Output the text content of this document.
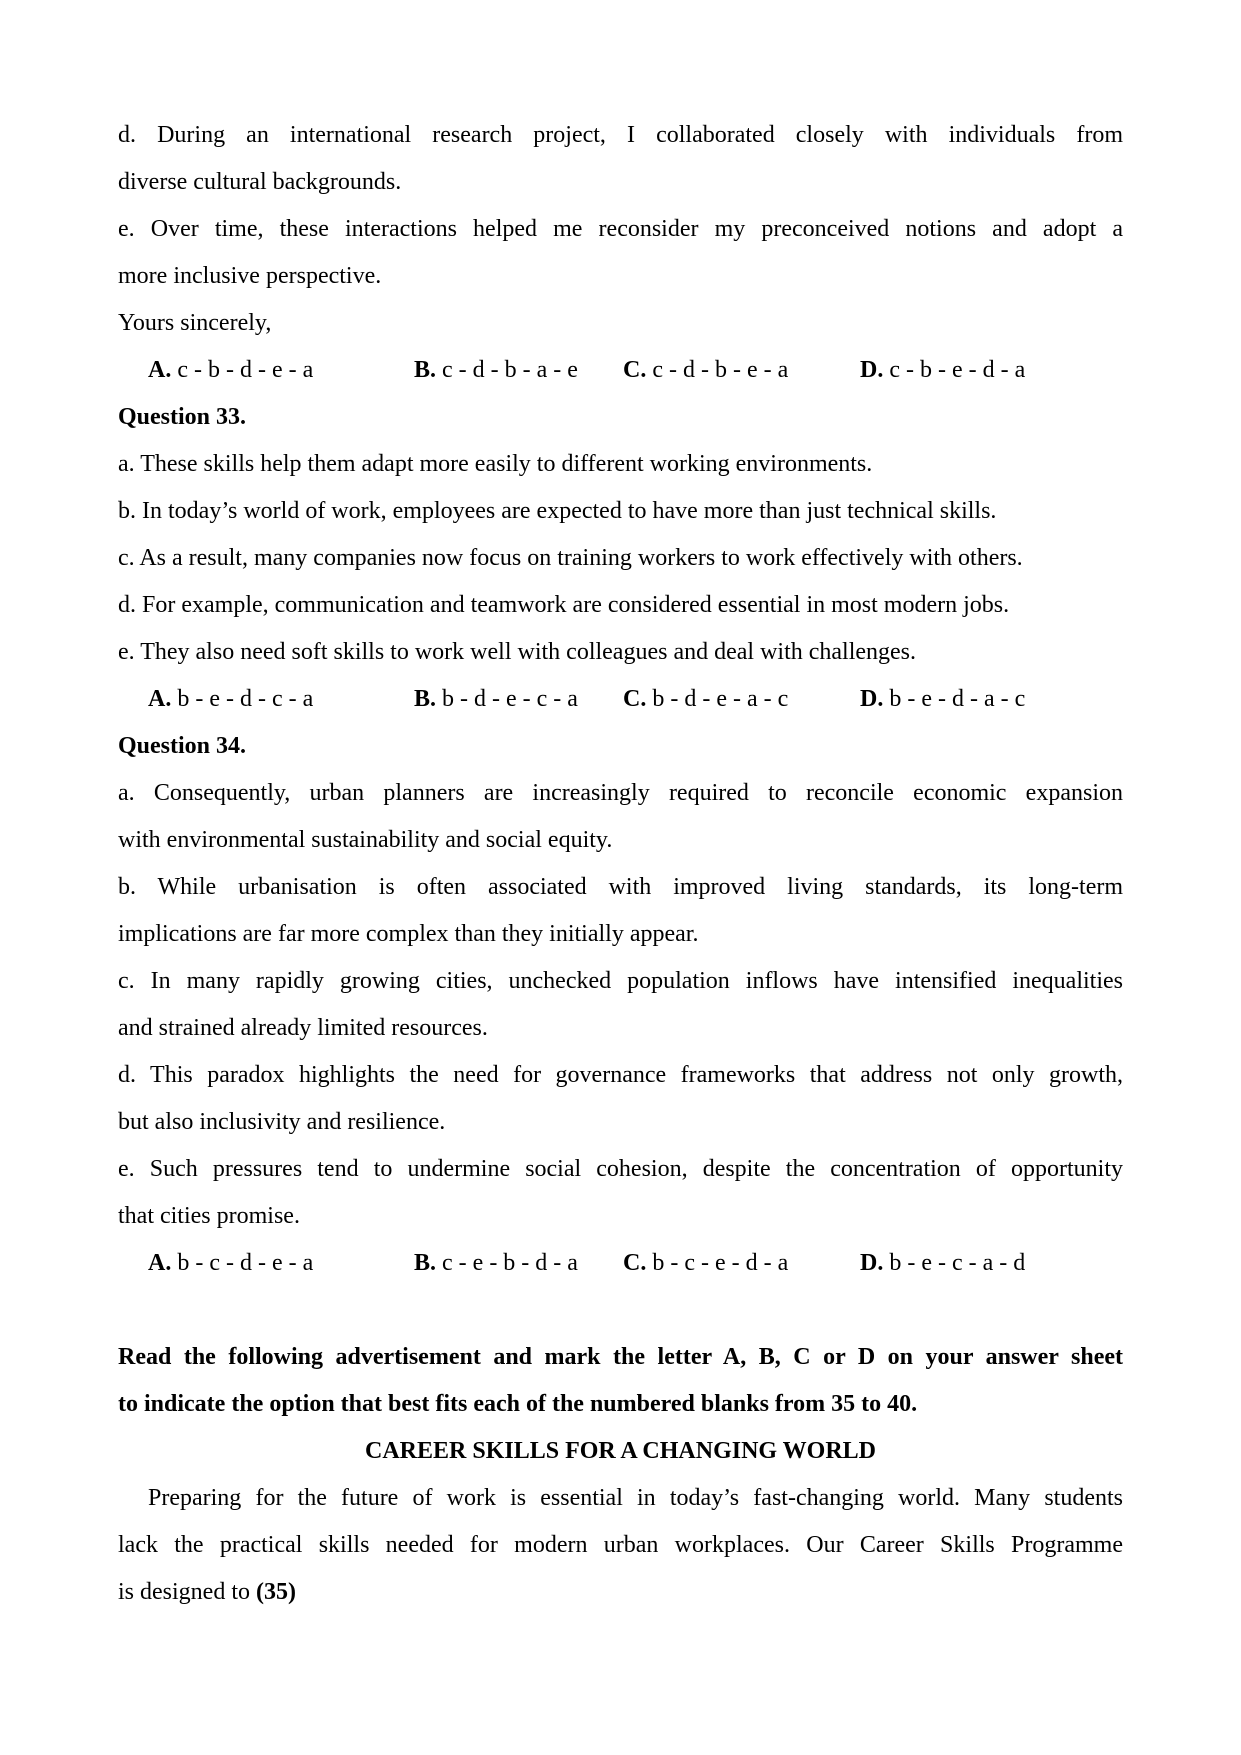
d. During an international research project, I collaborated closely with individuals from
diverse cultural backgrounds.
e. Over time, these interactions helped me reconsider my preconceived notions and adopt a
more inclusive perspective.
Yours sincerely,
A. c - b - d - e - a	B. c - d - b - a - e C. c - d - b - e - a	D. c - b - e - d - a
Question 33.
a. These skills help them adapt more easily to different working environments.
b. In today’s world of work, employees are expected to have more than just technical skills.
c. As a result, many companies now focus on training workers to work effectively with others.
d. For example, communication and teamwork are considered essential in most modern jobs.
e. They also need soft skills to work well with colleagues and deal with challenges.
A. b - e - d - c - a	B. b - d - e - c - a C. b - d - e - a - c	D. b - e - d - a - c
Question 34.
a. Consequently, urban planners are increasingly required to reconcile economic expansion
with environmental sustainability and social equity.
b. While urbanisation is often associated with improved living standards, its long-term
implications are far more complex than they initially appear.
c. In many rapidly growing cities, unchecked population inflows have intensified inequalities
and strained already limited resources.
d. This paradox highlights the need for governance frameworks that address not only growth,
but also inclusivity and resilience.
e. Such pressures tend to undermine social cohesion, despite the concentration of opportunity
that cities promise.
A. b - c - d - e - a	B. c - e - b - d - a C. b - c - e - d - a	D. b - e - c - a - d
Read the following advertisement and mark the letter A, B, C or D on your answer sheet
to indicate the option that best fits each of the numbered blanks from 35 to 40.
CAREER SKILLS FOR A CHANGING WORLD
Preparing for the future of work is essential in today’s fast-changing world. Many students
lack the practical skills needed for modern urban workplaces. Our Career Skills Programme
is designed to (35)
